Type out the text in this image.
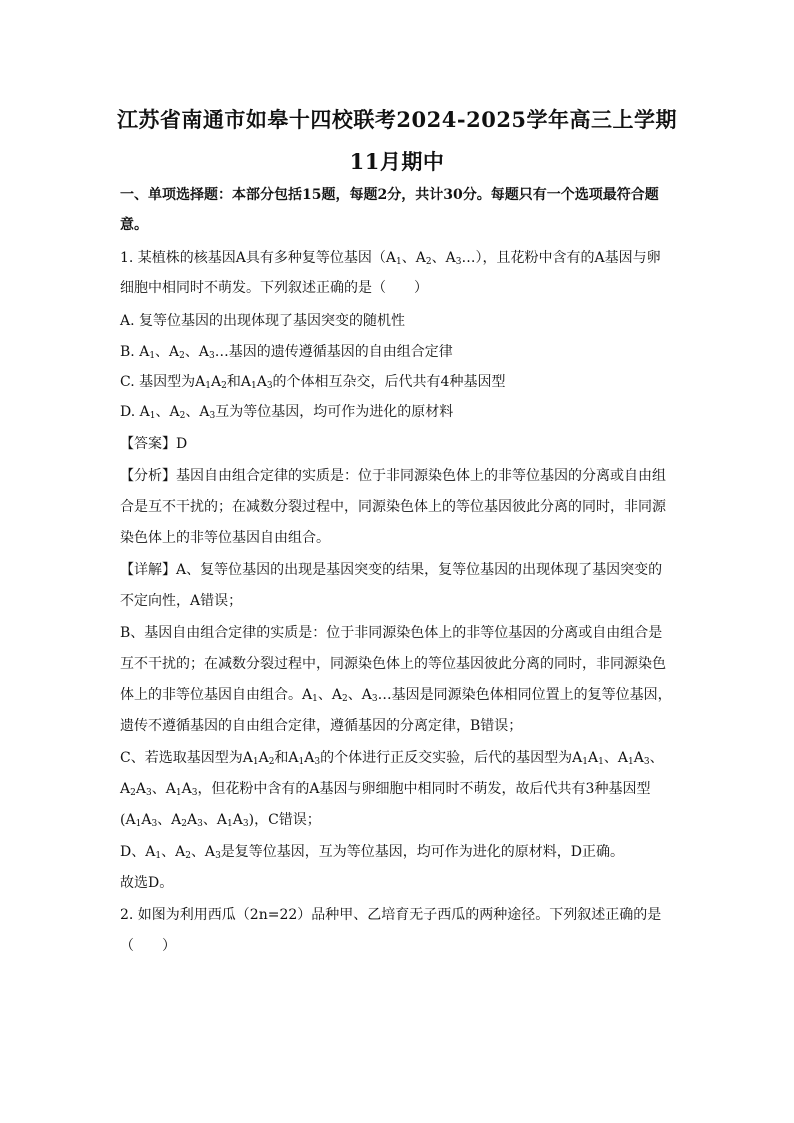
江苏省南通市如皋十四校联考2024-2025学年高三上学期
11月期中
一、单项选择题：本部分包括15题，每题2分，共计30分。每题只有一个选项最符合题
意。
1. 某植株的核基因A具有多种复等位基因（$A_1$、$A_2$、$A_3\dots$），且花粉中含有的A基因与卵
细胞中相同时不萌发。下列叙述正确的是（　　）
A. 复等位基因的出现体现了基因突变的随机性
B. $A_1$、$A_2$、$A_3\dots$基因的遗传遵循基因的自由组合定律
C. 基因型为$A_1A_2$和$A_1A_3$的个体相互杂交，后代共有4种基因型
D. $A_1$、$A_2$、$A_3$互为等位基因，均可作为进化的原材料
【答案】D
【分析】基因自由组合定律的实质是：位于非同源染色体上的非等位基因的分离或自由组
合是互不干扰的；在减数分裂过程中，同源染色体上的等位基因彼此分离的同时，非同源
染色体上的非等位基因自由组合。
【详解】A、复等位基因的出现是基因突变的结果，复等位基因的出现体现了基因突变的
不定向性，A错误；
B、基因自由组合定律的实质是：位于非同源染色体上的非等位基因的分离或自由组合是
互不干扰的；在减数分裂过程中，同源染色体上的等位基因彼此分离的同时，非同源染色
体上的非等位基因自由组合。$A_1$、$A_2$、$A_3\dots$基因是同源染色体相同位置上的复等位基因，
遗传不遵循基因的自由组合定律，遵循基因的分离定律，B错误；
C、若选取基因型为$A_1A_2$和$A_1A_3$的个体进行正反交实验，后代的基因型为$A_1A_1$、$A_1A_3$、
$A_2A_3$、$A_1A_3$，但花粉中含有的A基因与卵细胞中相同时不萌发，故后代共有3种基因型
($A_1A_3$、$A_2A_3$、$A_1A_3$)，C错误；
D、$A_1$、$A_2$、$A_3$是复等位基因，互为等位基因，均可作为进化的原材料，D正确。
故选D。
2. 如图为利用西瓜（2n=22）品种甲、乙培育无子西瓜的两种途径。下列叙述正确的是
（　　）
